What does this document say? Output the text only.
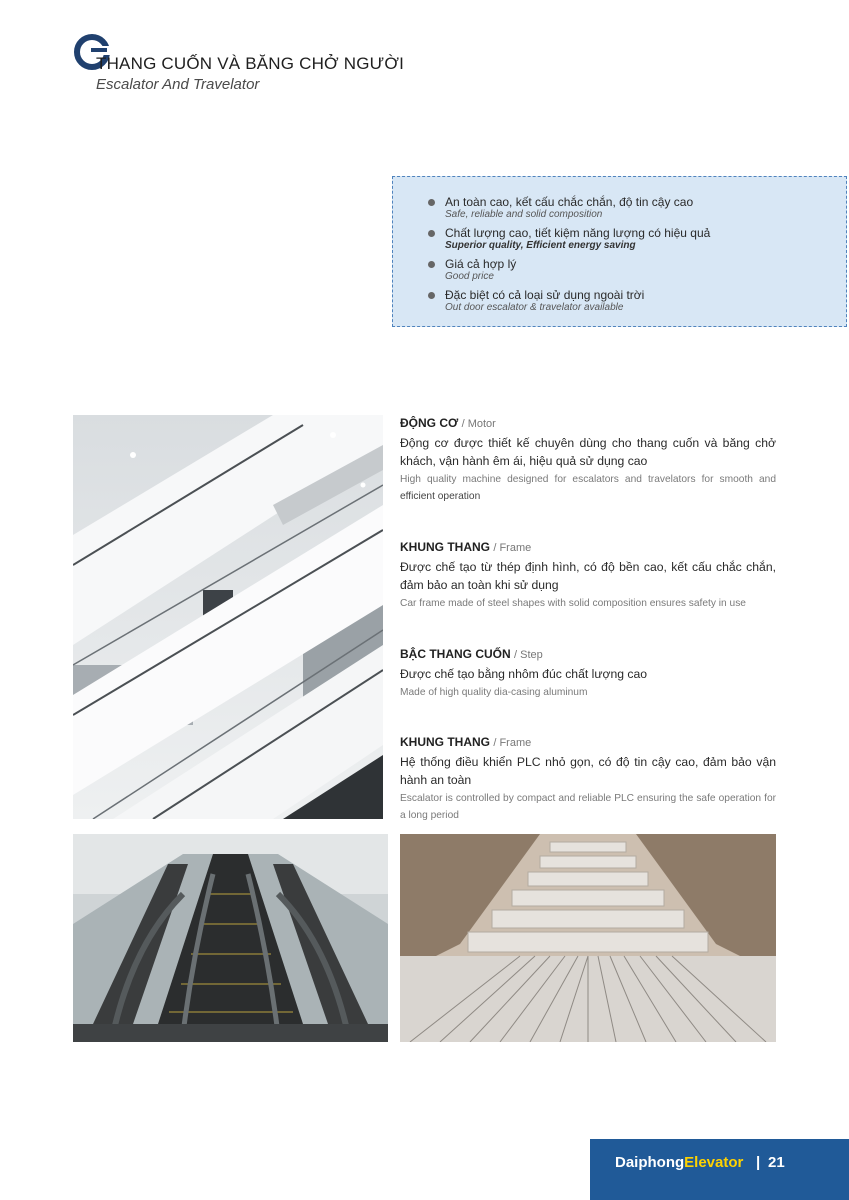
THANG CUỐN VÀ BĂNG CHỞ NGƯỜI
Escalator And Travelator
An toàn cao, kết cấu chắc chắn, độ tin cậy cao
Safe, reliable and solid composition
Chất lượng cao, tiết kiệm năng lượng có hiệu quả
Superior quality, Efficient energy saving
Giá cả hợp lý
Good price
Đặc biệt có cả loại sử dụng ngoài trời
Out door escalator & travelator available
ĐỘNG CƠ / Motor
Động cơ được thiết kế chuyên dùng cho thang cuốn và băng chở khách, vận hành êm ái, hiệu quả sử dụng cao
High quality machine designed for escalators and travelators for smooth and efficient operation
KHUNG THANG / Frame
Được chế tạo từ thép định hình, có độ bền cao, kết cấu chắc chắn, đảm bảo an toàn khi sử dụng
Car frame made of steel shapes with solid composition ensures safety in use
BẬC THANG CUỐN / Step
Được chế tạo bằng nhôm đúc chất lượng cao
Made of high quality dia-casing aluminum
KHUNG THANG / Frame
Hệ thống điều khiển PLC nhỏ gọn, có độ tin cậy cao, đảm bảo vận hành an toàn
Escalator is controlled by compact and reliable PLC ensuring the safe operation for a long period
DaiphongElevator | 21
